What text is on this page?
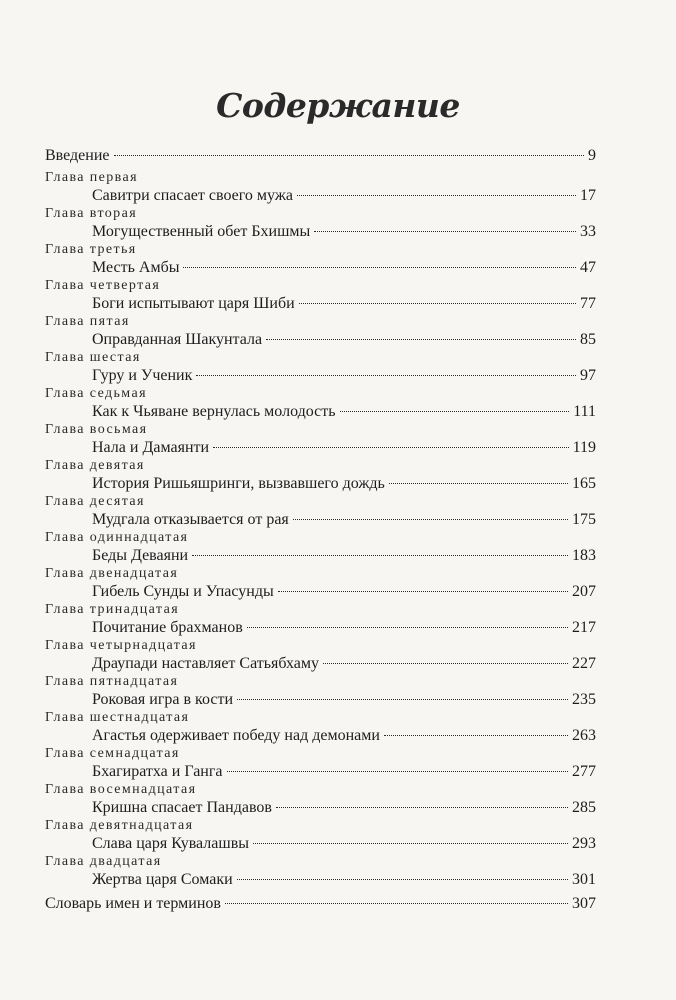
Содержание
Введение	9
Глава первая
Савитри спасает своего мужа	17
Глава вторая
Могущественный обет Бхишмы	33
Глава третья
Месть Амбы	47
Глава четвертая
Боги испытывают царя Шиби	77
Глава пятая
Оправданная Шакунтала	85
Глава шестая
Гуру и Ученик	97
Глава седьмая
Как к Чьяване вернулась молодость	111
Глава восьмая
Нала и Дамаянти	119
Глава девятая
История Ришьяшринги, вызвавшего дождь	165
Глава десятая
Мудгала отказывается от рая	175
Глава одиннадцатая
Беды Деваяни	183
Глава двенадцатая
Гибель Сунды и Упасунды	207
Глава тринадцатая
Почитание брахманов	217
Глава четырнадцатая
Драупади наставляет Сатьябхаму	227
Глава пятнадцатая
Роковая игра в кости	235
Глава шестнадцатая
Агастья одерживает победу над демонами	263
Глава семнадцатая
Бхагиратха и Ганга	277
Глава восемнадцатая
Кришна спасает Пандавов	285
Глава девятнадцатая
Слава царя Кувалашвы	293
Глава двадцатая
Жертва царя Сомаки	301
Словарь имен и терминов	307
